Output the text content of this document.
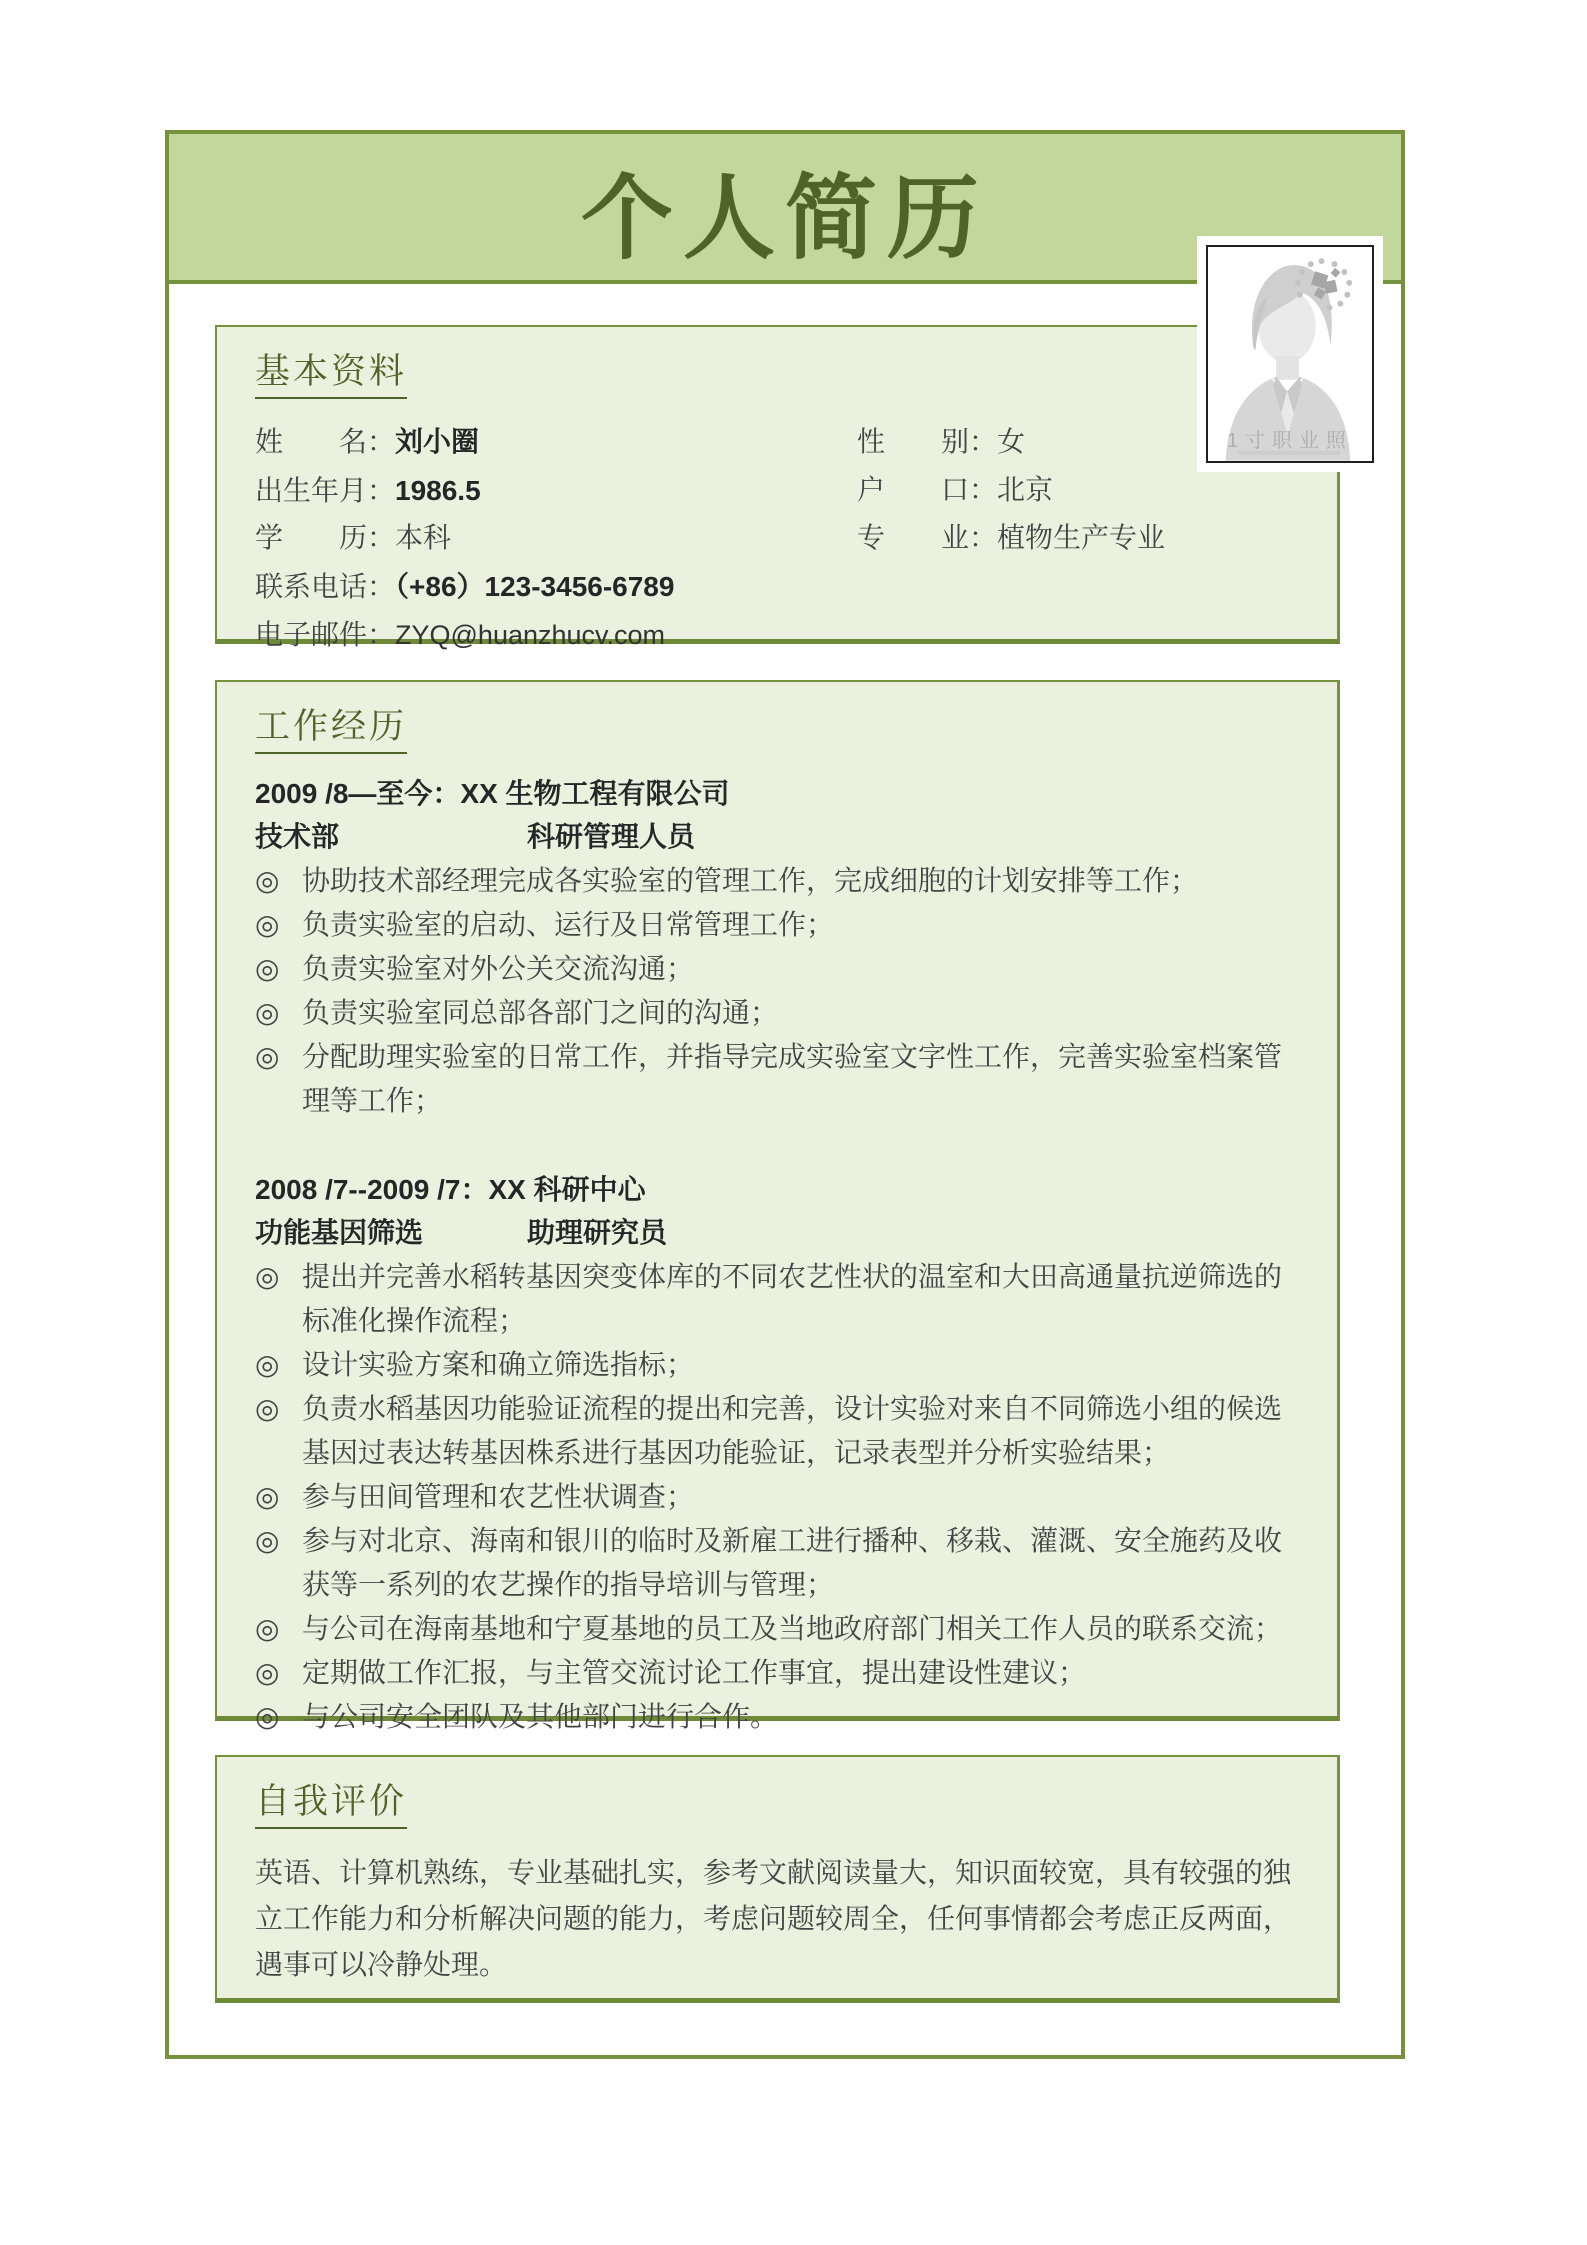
个人简历
1寸职业照
基本资料
姓　　名：刘小圈
出生年月：1986.5
学　　历：本科
联系电话：（+86）123-3456-6789
电子邮件：ZYQ@huanzhucv.com
性　　别：女
户　　口：北京
专　　业：植物生产专业
工作经历
2009 /8—至今：XX 生物工程有限公司
技术部	科研管理人员
◎ 协助技术部经理完成各实验室的管理工作，完成细胞的计划安排等工作；
◎ 负责实验室的启动、运行及日常管理工作；
◎ 负责实验室对外公关交流沟通；
◎ 负责实验室同总部各部门之间的沟通；
◎ 分配助理实验室的日常工作，并指导完成实验室文字性工作，完善实验室档案管理等工作；
2008 /7--2009 /7：XX 科研中心
功能基因筛选	助理研究员
◎ 提出并完善水稻转基因突变体库的不同农艺性状的温室和大田高通量抗逆筛选的标准化操作流程；
◎ 设计实验方案和确立筛选指标；
◎ 负责水稻基因功能验证流程的提出和完善，设计实验对来自不同筛选小组的候选基因过表达转基因株系进行基因功能验证，记录表型并分析实验结果；
◎ 参与田间管理和农艺性状调查；
◎ 参与对北京、海南和银川的临时及新雇工进行播种、移栽、灌溉、安全施药及收获等一系列的农艺操作的指导培训与管理；
◎ 与公司在海南基地和宁夏基地的员工及当地政府部门相关工作人员的联系交流；
◎ 定期做工作汇报，与主管交流讨论工作事宜，提出建设性建议；
◎ 与公司安全团队及其他部门进行合作。
自我评价
英语、计算机熟练，专业基础扎实，参考文献阅读量大，知识面较宽，具有较强的独立工作能力和分析解决问题的能力，考虑问题较周全，任何事情都会考虑正反两面，遇事可以冷静处理。
